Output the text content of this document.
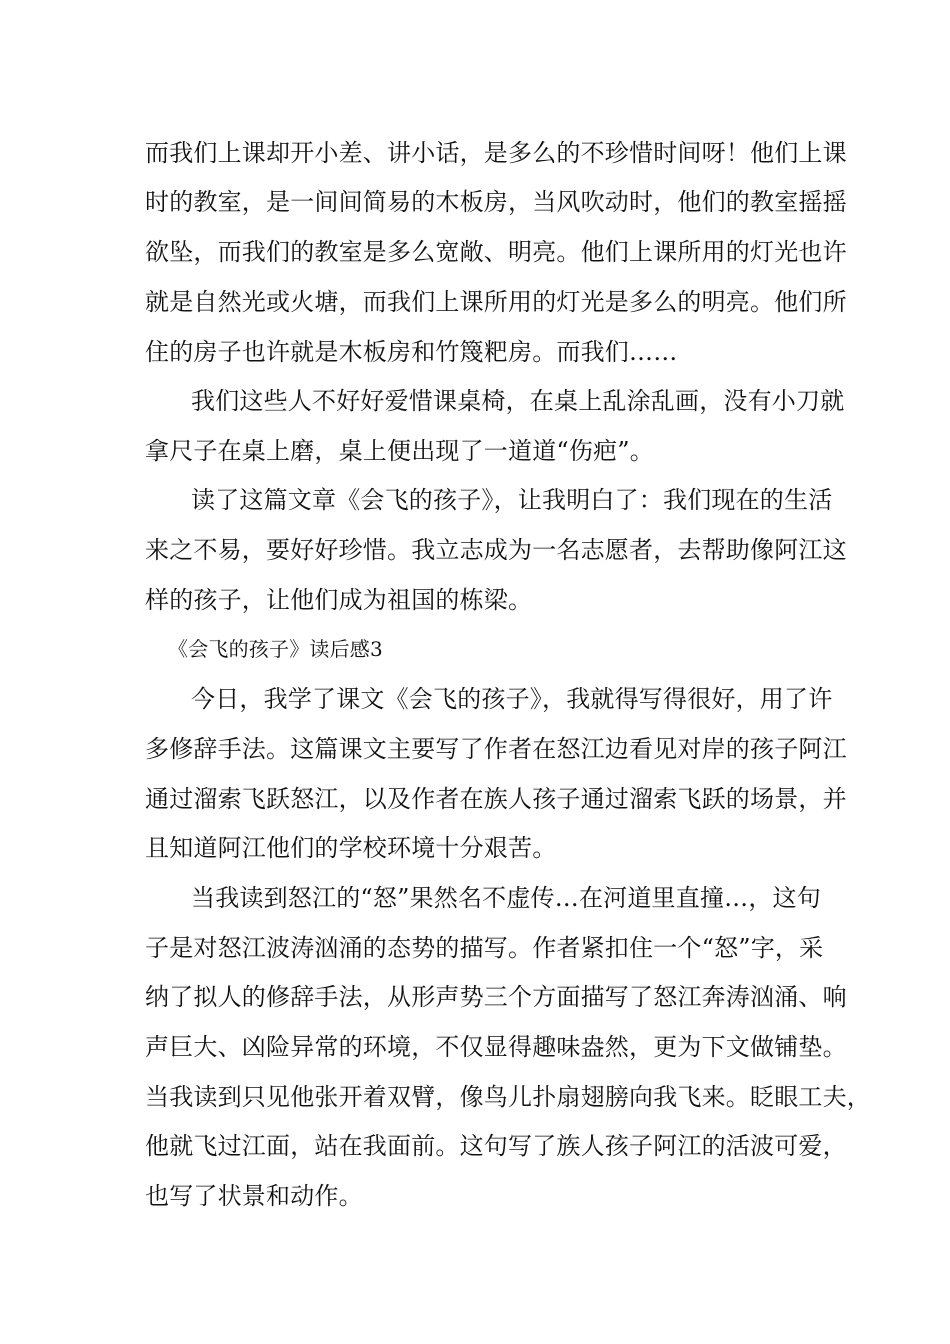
而我们上课却开小差、讲小话，是多么的不珍惜时间呀！他们上课
时的教室，是一间间简易的木板房，当风吹动时，他们的教室摇摇
欲坠，而我们的教室是多么宽敞、明亮。他们上课所用的灯光也许
就是自然光或火塘，而我们上课所用的灯光是多么的明亮。他们所
住的房子也许就是木板房和竹篾粑房。而我们……
我们这些人不好好爱惜课桌椅，在桌上乱涂乱画，没有小刀就
拿尺子在桌上磨，桌上便出现了一道道“伤疤”。
读了这篇文章《会飞的孩子》，让我明白了：我们现在的生活
来之不易，要好好珍惜。我立志成为一名志愿者，去帮助像阿江这
样的孩子，让他们成为祖国的栋梁。
《会飞的孩子》读后感3
今日，我学了课文《会飞的孩子》，我就得写得很好，用了许
多修辞手法。这篇课文主要写了作者在怒江边看见对岸的孩子阿江
通过溜索飞跃怒江，以及作者在族人孩子通过溜索飞跃的场景，并
且知道阿江他们的学校环境十分艰苦。
当我读到怒江的“怒”果然名不虚传…在河道里直撞…，这句
子是对怒江波涛汹涌的态势的描写。作者紧扣住一个“怒”字，采
纳了拟人的修辞手法，从形声势三个方面描写了怒江奔涛汹涌、响
声巨大、凶险异常的环境，不仅显得趣味盎然，更为下文做铺垫。
当我读到只见他张开着双臂，像鸟儿扑扇翅膀向我飞来。眨眼工夫，
他就飞过江面，站在我面前。这句写了族人孩子阿江的活波可爱，
也写了状景和动作。
